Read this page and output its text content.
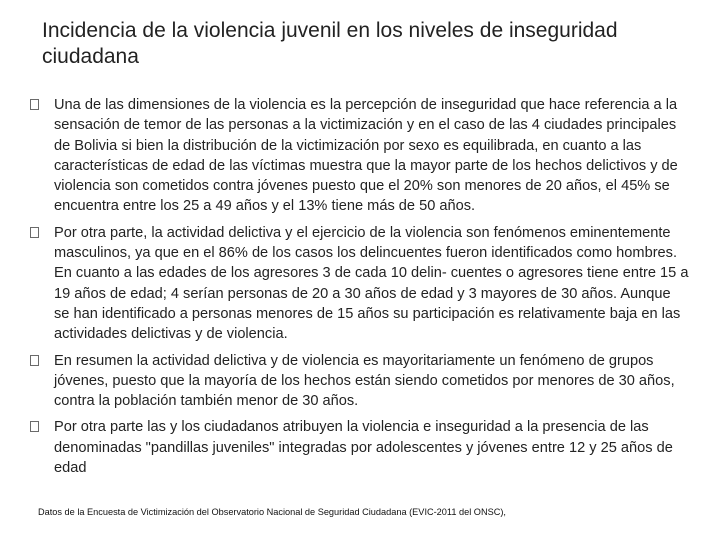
Incidencia de la violencia juvenil en los niveles de inseguridad ciudadana
Una de las dimensiones de la violencia es la percepción de inseguridad que hace referencia a la sensación de temor de las personas a la victimización y en el caso de las 4 ciudades principales de Bolivia si bien la distribución de la victimización por sexo es equilibrada, en cuanto a las características de edad de las víctimas muestra que la mayor parte de los hechos delictivos y de violencia son cometidos contra jóvenes puesto que el 20% son menores de 20 años, el 45% se encuentra entre los 25 a 49 años y el 13% tiene más de 50 años.
Por otra parte, la actividad delictiva y el ejercicio de la violencia son fenómenos eminentemente masculinos, ya que en el 86% de los casos los delincuentes fueron identificados como hombres. En cuanto a las edades de los agresores 3 de cada 10 delin- cuentes o agresores tiene entre 15 a 19 años de edad; 4 serían personas de 20 a 30 años de edad y 3 mayores de 30 años. Aunque se han identificado a personas menores de 15 años su participación es relativamente baja en las actividades delictivas y de violencia.
En resumen la actividad delictiva y de violencia es mayoritariamente un fenómeno de grupos jóvenes, puesto que la mayoría de los hechos están siendo cometidos por menores de 30 años, contra la población también menor de 30 años.
Por otra parte las y los ciudadanos atribuyen la violencia e inseguridad a la presencia de las denominadas "pandillas juveniles" integradas por adolescentes y jóvenes entre 12 y 25 años de edad
Datos de la Encuesta de Victimización del Observatorio Nacional de Seguridad Ciudadana (EVIC-2011 del ONSC),
